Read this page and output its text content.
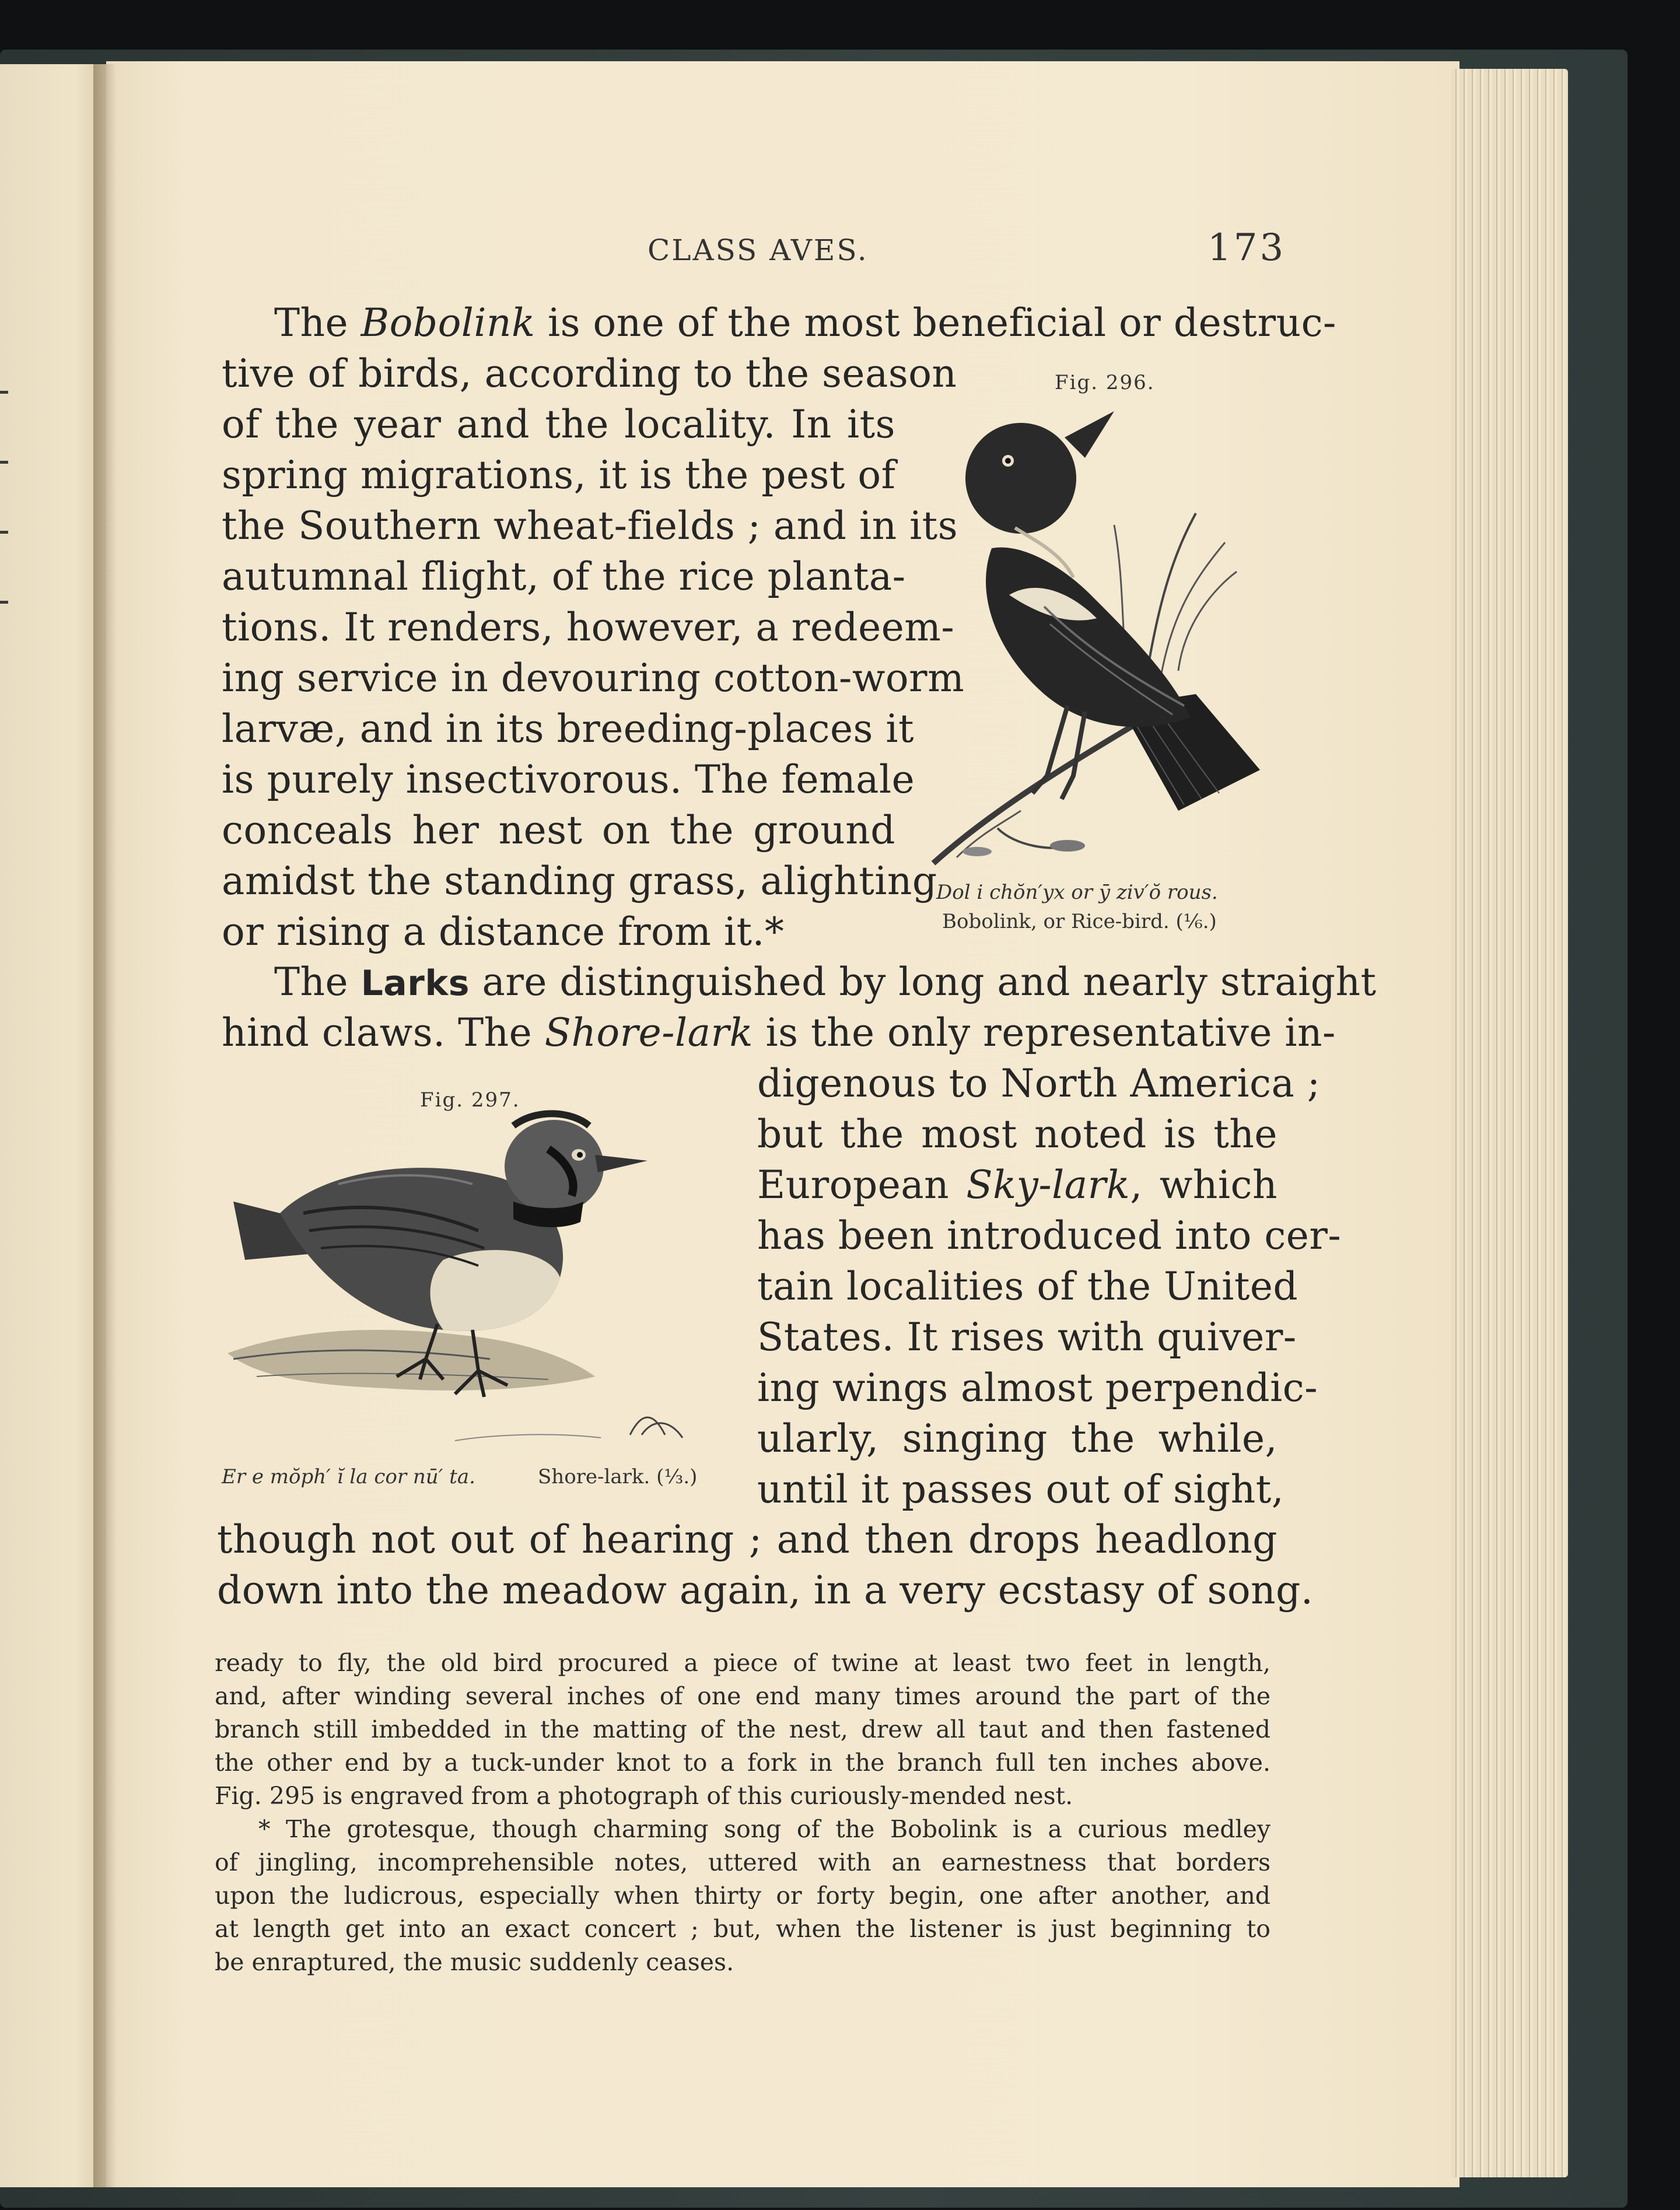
CLASS AVES.	173
The Bobolink is one of the most beneficial or destruc-
tive of birds, according to the season
of the year and the locality. In its
spring migrations, it is the pest of
the Southern wheat-fields ; and in its
autumnal flight, of the rice planta-
tions. It renders, however, a redeem-
ing service in devouring cotton-worm
larvæ, and in its breeding-places it
is purely insectivorous. The female
conceals her nest on the ground
amidst the standing grass, alighting
or rising a distance from it.*
Fig. 296.
Dol i chŏn′yx or ȳ ziv′ŏ rous.
Bobolink, or Rice-bird. (⅙.)
The Larks are distinguished by long and nearly straight
hind claws. The Shore-lark is the only representative in-
Fig. 297.
Er e mŏph′ ĭ la cor nū′ ta.	Shore-lark. (⅓.)
digenous to North America ;
but the most noted is the
European Sky-lark, which
has been introduced into cer-
tain localities of the United
States. It rises with quiver-
ing wings almost perpendic-
ularly, singing the while,
until it passes out of sight,
though not out of hearing ; and then drops headlong
down into the meadow again, in a very ecstasy of song.
ready to fly, the old bird procured a piece of twine at least two feet in length,
and, after winding several inches of one end many times around the part of the
branch still imbedded in the matting of the nest, drew all taut and then fastened
the other end by a tuck-under knot to a fork in the branch full ten inches above.
Fig. 295 is engraved from a photograph of this curiously-mended nest.
* The grotesque, though charming song of the Bobolink is a curious medley
of jingling, incomprehensible notes, uttered with an earnestness that borders
upon the ludicrous, especially when thirty or forty begin, one after another, and
at length get into an exact concert ; but, when the listener is just beginning to
be enraptured, the music suddenly ceases.
